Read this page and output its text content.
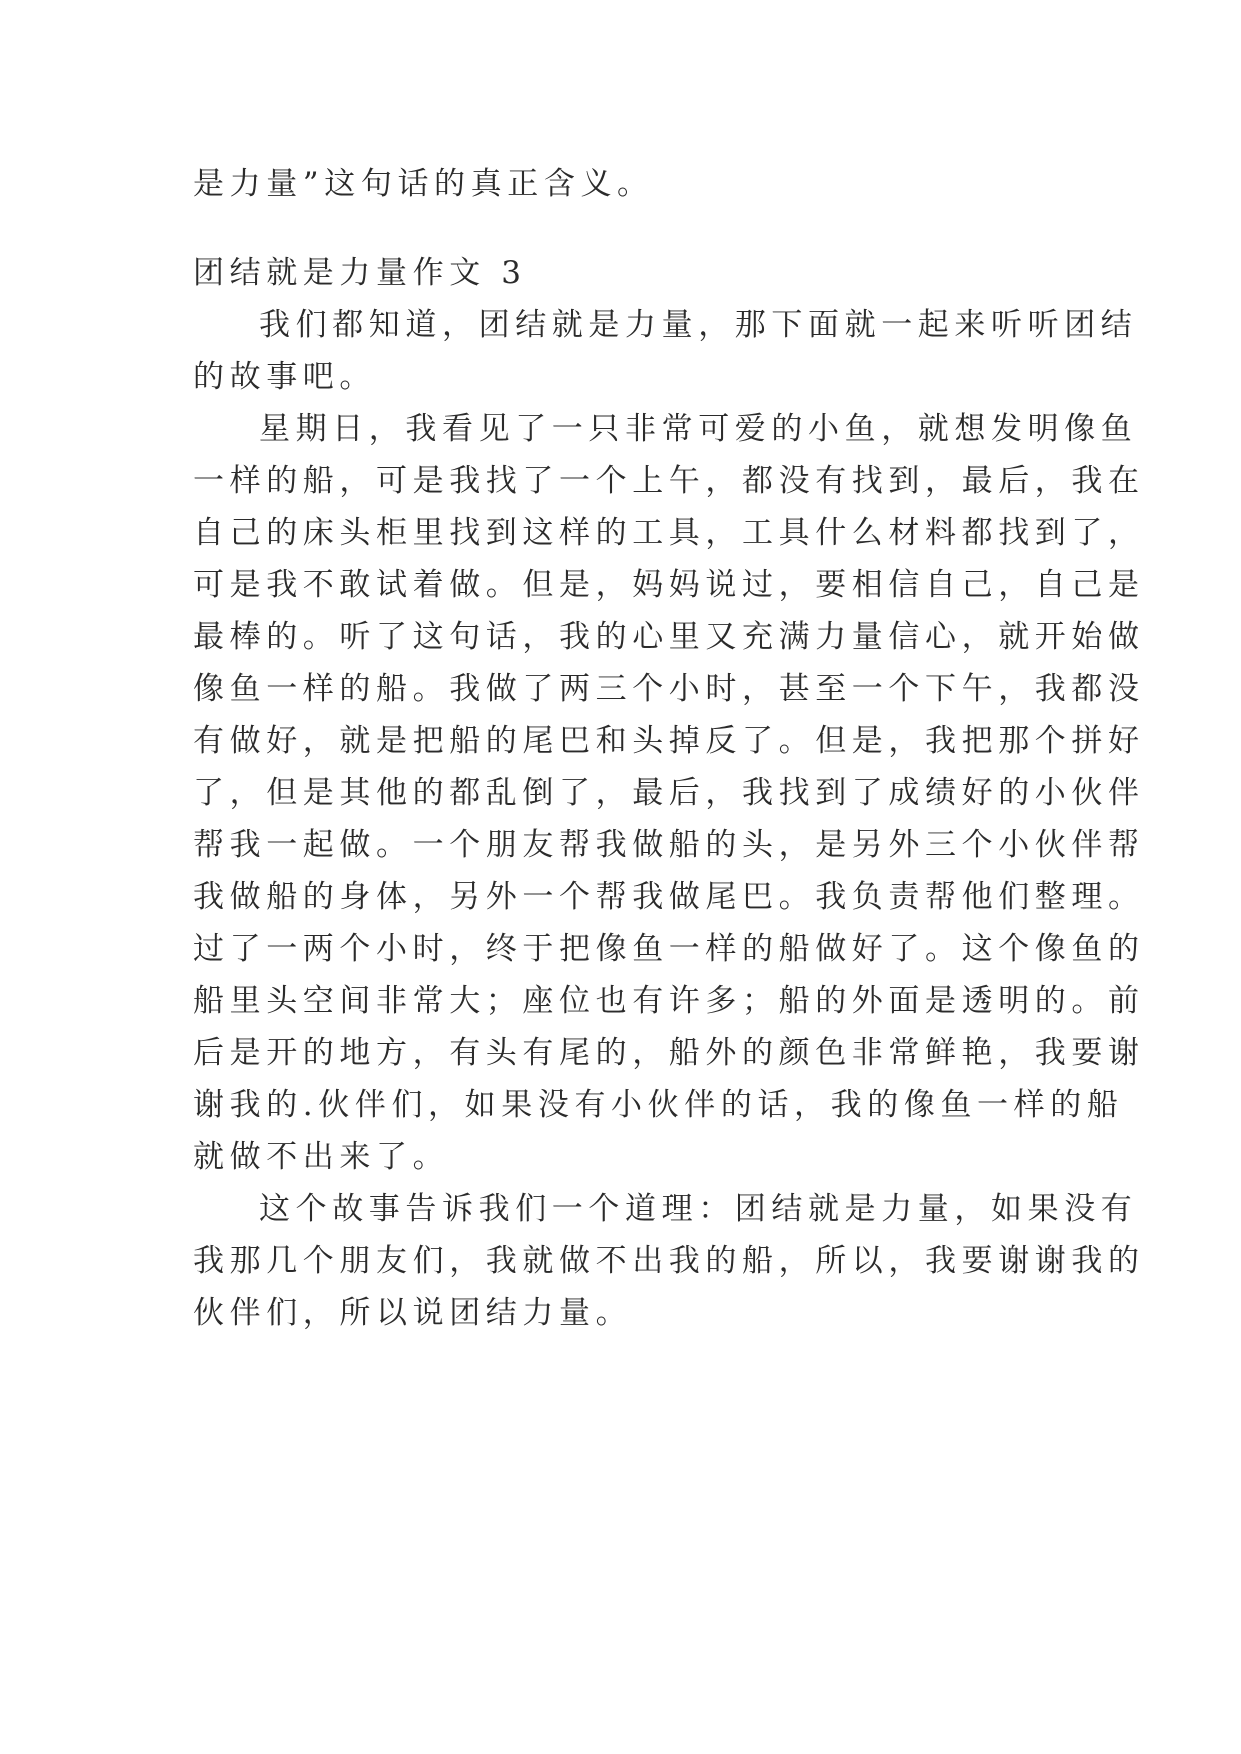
是力量”这句话的真正含义。
团结就是力量作文 3
我们都知道，团结就是力量，那下面就一起来听听团结
的故事吧。
星期日，我看见了一只非常可爱的小鱼，就想发明像鱼
一样的船，可是我找了一个上午，都没有找到，最后，我在
自己的床头柜里找到这样的工具，工具什么材料都找到了，
可是我不敢试着做。但是，妈妈说过，要相信自己，自己是
最棒的。听了这句话，我的心里又充满力量信心，就开始做
像鱼一样的船。我做了两三个小时，甚至一个下午，我都没
有做好，就是把船的尾巴和头掉反了。但是，我把那个拼好
了，但是其他的都乱倒了，最后，我找到了成绩好的小伙伴
帮我一起做。一个朋友帮我做船的头，是另外三个小伙伴帮
我做船的身体，另外一个帮我做尾巴。我负责帮他们整理。
过了一两个小时，终于把像鱼一样的船做好了。这个像鱼的
船里头空间非常大；座位也有许多；船的外面是透明的。前
后是开的地方，有头有尾的，船外的颜色非常鲜艳，我要谢
谢我的.伙伴们，如果没有小伙伴的话，我的像鱼一样的船
就做不出来了。
这个故事告诉我们一个道理：团结就是力量，如果没有
我那几个朋友们，我就做不出我的船，所以，我要谢谢我的
伙伴们，所以说团结力量。
